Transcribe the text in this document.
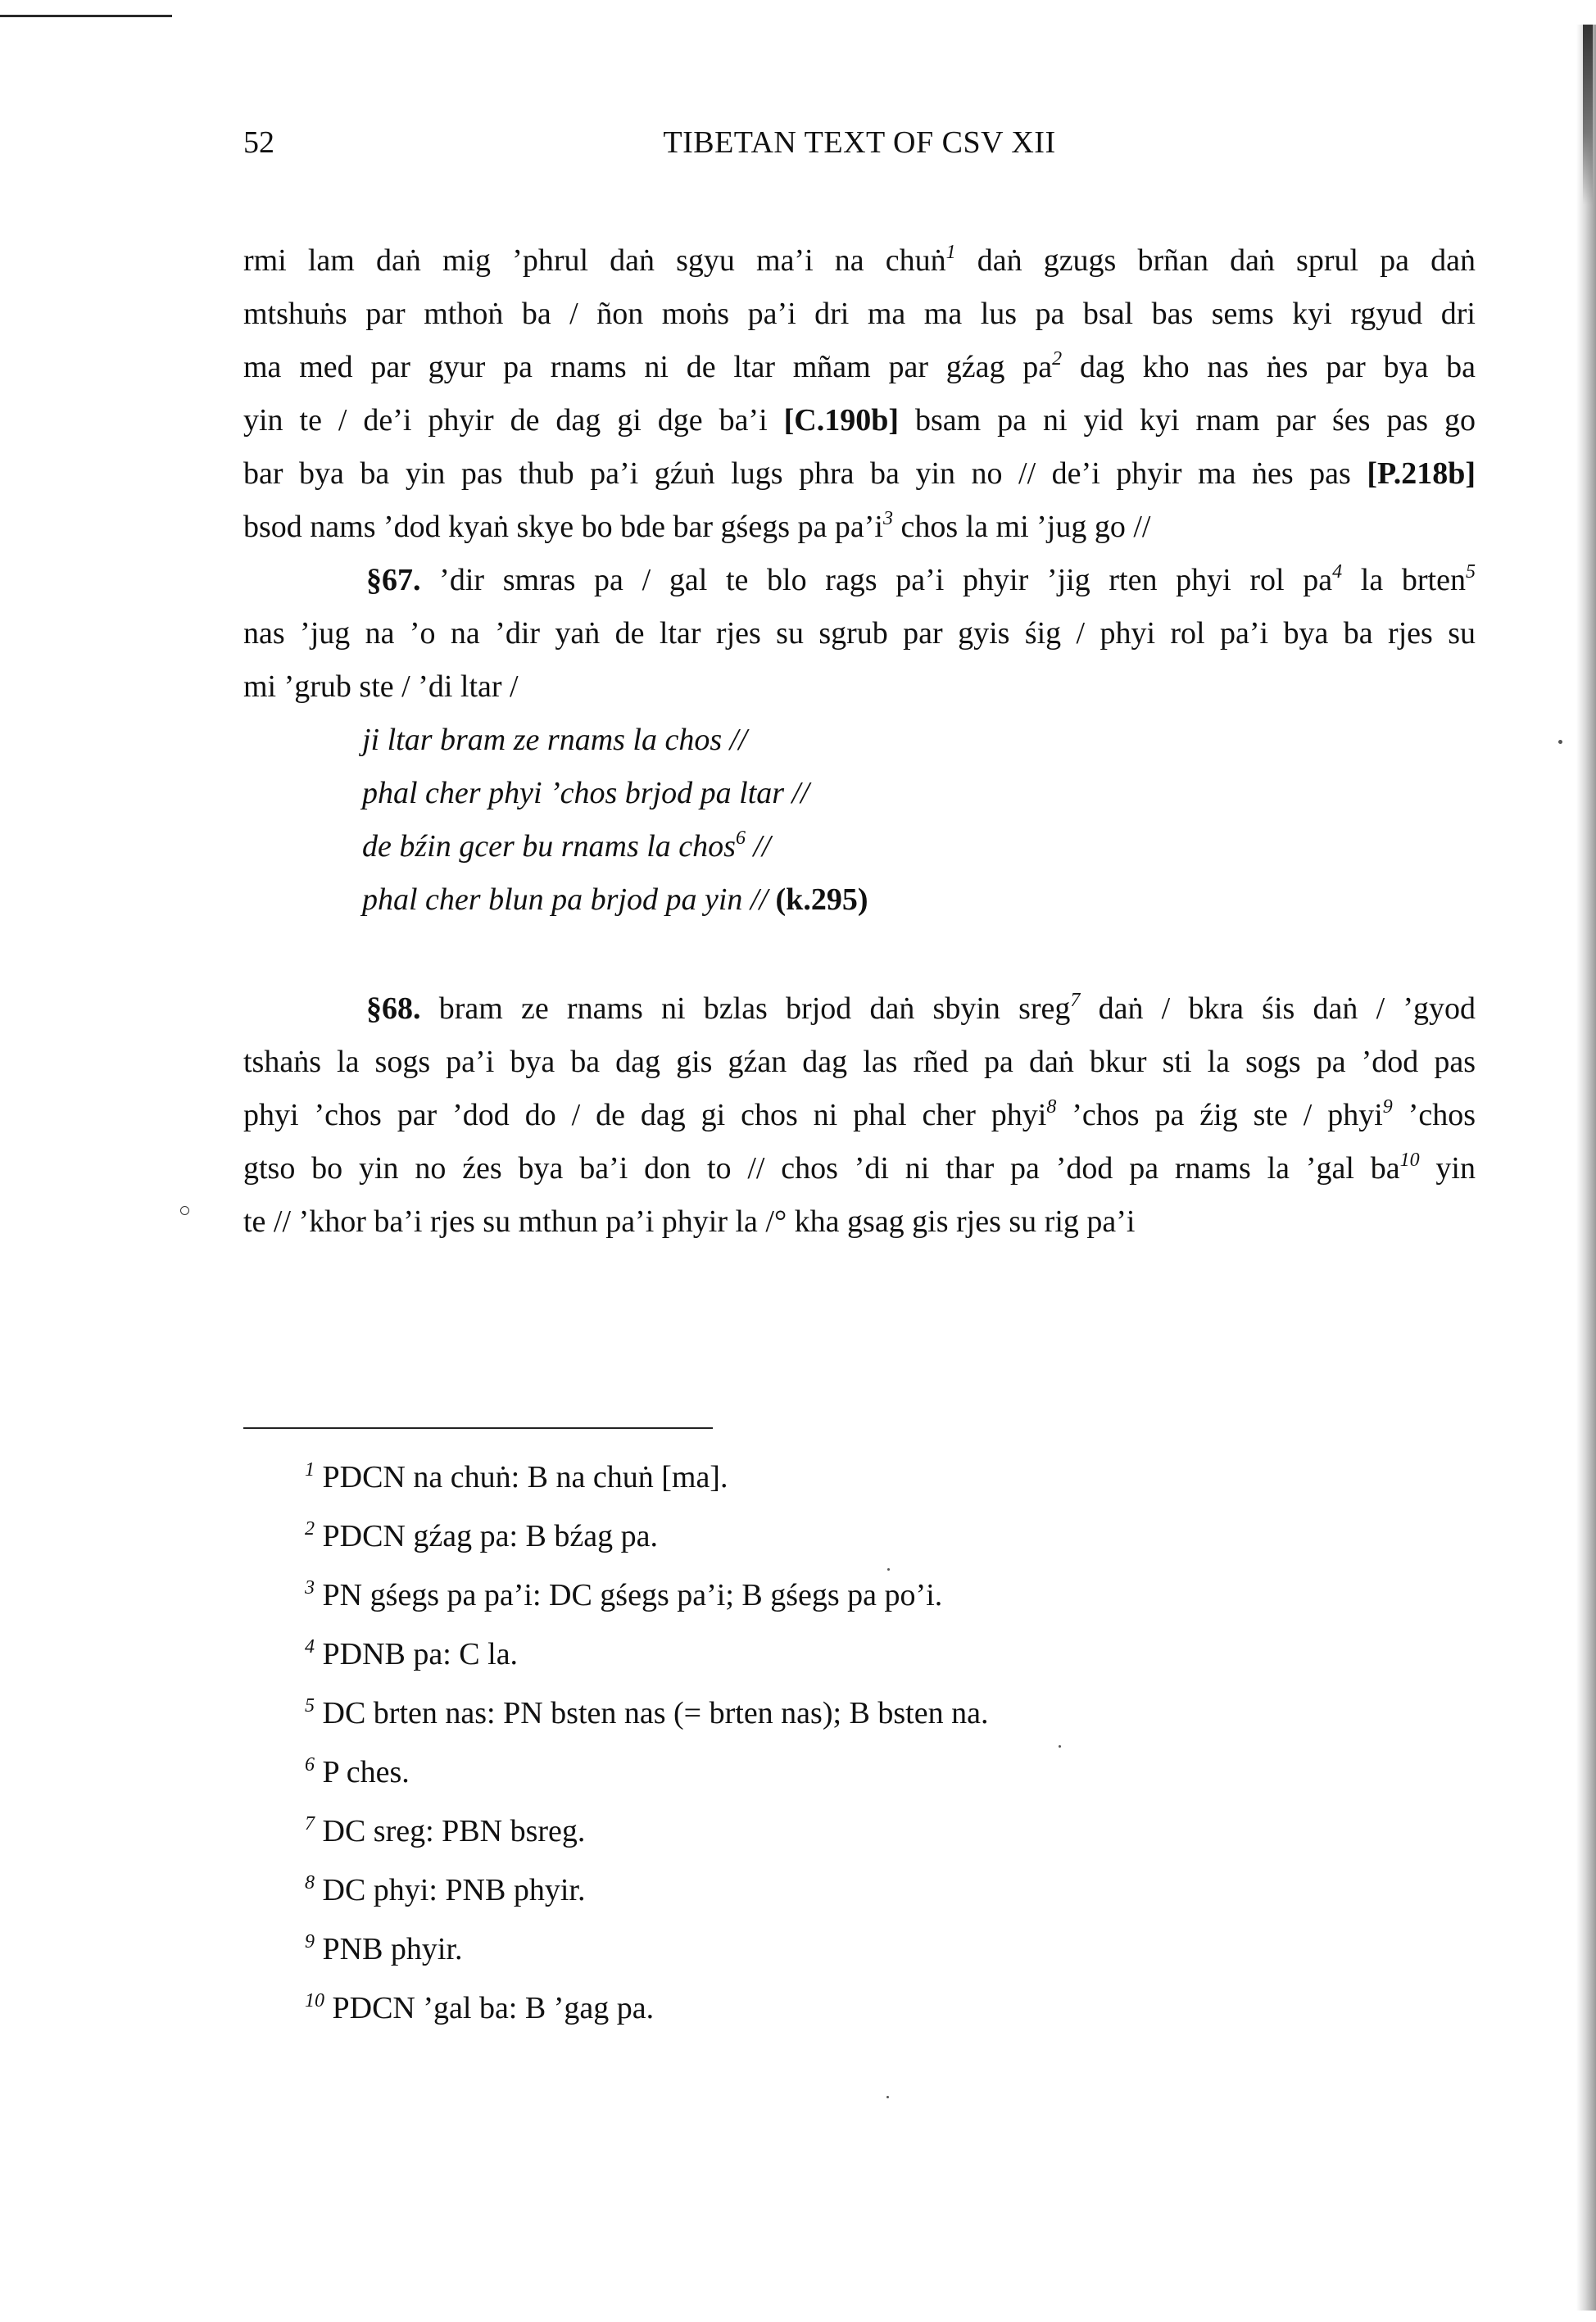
52	TIBETAN TEXT OF CSV XII
rmi lam daṅ mig ’phrul daṅ sgyu ma’i na chuṅ$^1$ daṅ gzugs brñan daṅ sprul pa daṅ
mtshuṅs par mthoṅ ba / ñon moṅs pa’i dri ma ma lus pa bsal bas sems kyi rgyud dri
ma med par gyur pa rnams ni de ltar mñam par gźag $pa^2$ dag kho nas ṅes par bya ba
yin te / de’i phyir de dag gi dge ba’i [C.190b] bsam pa ni yid kyi rnam par śes pas go
bar bya ba yin pas thub pa’i gźuṅ lugs phra ba yin no // de’i phyir ma ṅes pas [P.218b]
bsod nams ’dod kyaṅ skye bo bde bar gśegs pa $pa’i^3$ chos la mi ’jug go //
§67. ’dir smras pa / gal te blo rags pa’i phyir ’jig rten phyi rol $pa^4$ la brten$^5$
nas ’jug na ’o na ’dir yaṅ de ltar rjes su sgrub par gyis śig / phyi rol pa’i bya ba rjes su
mi ’grub ste / ’di ltar /
ji ltar bram ze rnams la chos //
phal cher phyi ’chos brjod pa ltar //
de bźin gcer bu rnams la chos$^6$ //
phal cher blun pa brjod pa yin // (k.295)
§68. bram ze rnams ni bzlas brjod daṅ sbyin sreg$^7$ daṅ / bkra śis daṅ / ’gyod
tshaṅs la sogs pa’i bya ba dag gis gźan dag las rñed pa daṅ bkur sti la sogs pa ’dod pas
phyi ’chos par ’dod do / de dag gi chos ni phal cher phyi$^8$ ’chos pa źig ste / phyi$^9$ ’chos
gtso bo yin no źes bya ba’i don to // chos ’di ni thar pa ’dod pa rnams la ’gal $ba^{10}$ yin
te // ’khor ba’i rjes su mthun pa’i phyir la /° kha gsag gis rjes su rig pa’i
$^1$ PDCN na chuṅ: B na chuṅ [ma].
$^2$ PDCN gźag pa: B bźag pa.
$^3$ PN gśegs pa pa’i: DC gśegs pa’i; B gśegs pa po’i.
$^4$ PDNB pa: C la.
$^5$ DC brten nas: PN bsten nas (= brten nas); B bsten na.
$^6$ P ches.
$^7$ DC sreg: PBN bsreg.
$^8$ DC phyi: PNB phyir.
$^9$ PNB phyir.
$^{10}$ PDCN ’gal ba: B ’gag pa.
